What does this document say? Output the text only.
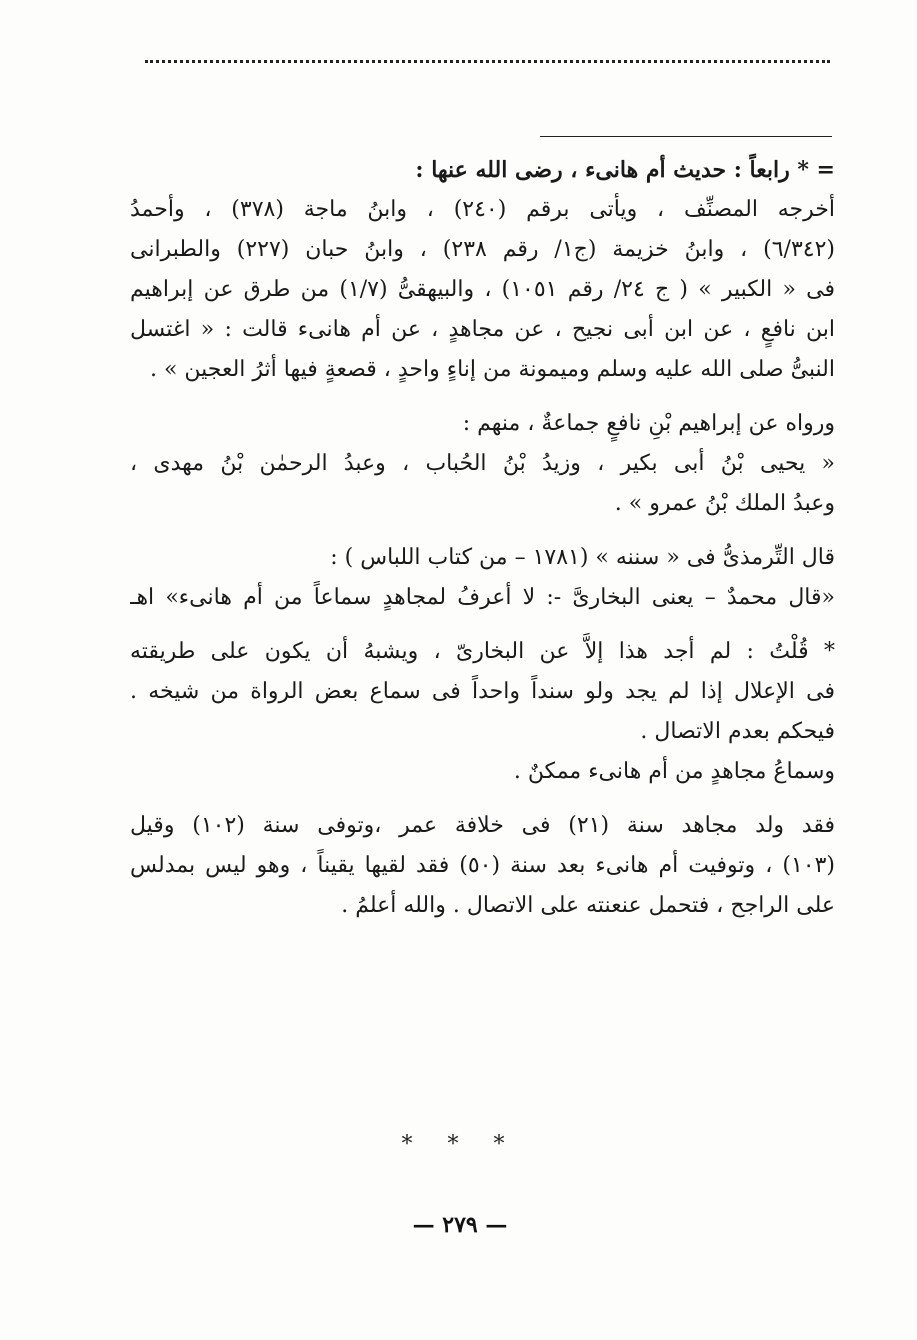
= * رابعاً : حديث أم هانىء ، رضى الله عنها :
أخرجه المصنِّف ، ويأتى برقم (٢٤٠) ، وابنُ ماجة (٣٧٨) ، وأحمدُ
(٦/٣٤٢) ، وابنُ خزيمة (ج١/ رقم ٢٣٨) ، وابنُ حبان (٢٢٧) والطبرانى
فى « الكبير » ( ج ٢٤/ رقم ١٠٥١) ، والبيهقىُّ (١/٧) من طرق عن إبراهيم
ابن نافعٍ ، عن ابن أبى نجيح ، عن مجاهدٍ ، عن أم هانىء قالت : « اغتسل
النبىُّ صلى الله عليه وسلم وميمونة من إناءٍ واحدٍ ، قصعةٍ فيها أثرُ العجين » .
ورواه عن إبراهيم بْنِ نافعٍ جماعةٌ ، منهم :
« يحيى بْنُ أبى بكير ، وزيدُ بْنُ الحُباب ، وعبدُ الرحمٰن بْنُ مهدى ،
وعبدُ الملك بْنُ عمرو » .
قال التِّرمذىُّ فى « سننه » (١٧٨١ – من كتاب اللباس ) :
«قال محمدٌ – يعنى البخارىَّ -: لا أعرفُ لمجاهدٍ سماعاً من أم هانىء» اهـ
* قُلْتُ : لم أجد هذا إلاَّ عن البخارىّ ، ويشبهُ أن يكون على طريقته
فى الإعلال إذا لم يجد ولو سنداً واحداً فى سماع بعض الرواة من شيخه .
فيحكم بعدم الاتصال .
وسماعُ مجاهدٍ من أم هانىء ممكنٌ .
فقد ولد مجاهد سنة (٢١) فى خلافة عمر ،وتوفى سنة (١٠٢) وقيل
(١٠٣) ، وتوفيت أم هانىء بعد سنة (٥٠) فقد لقيها يقيناً ، وهو ليس بمدلس
على الراجح ، فتحمل عنعنته على الاتصال . والله أعلمُ .
* * *
— ٢٧٩ —
